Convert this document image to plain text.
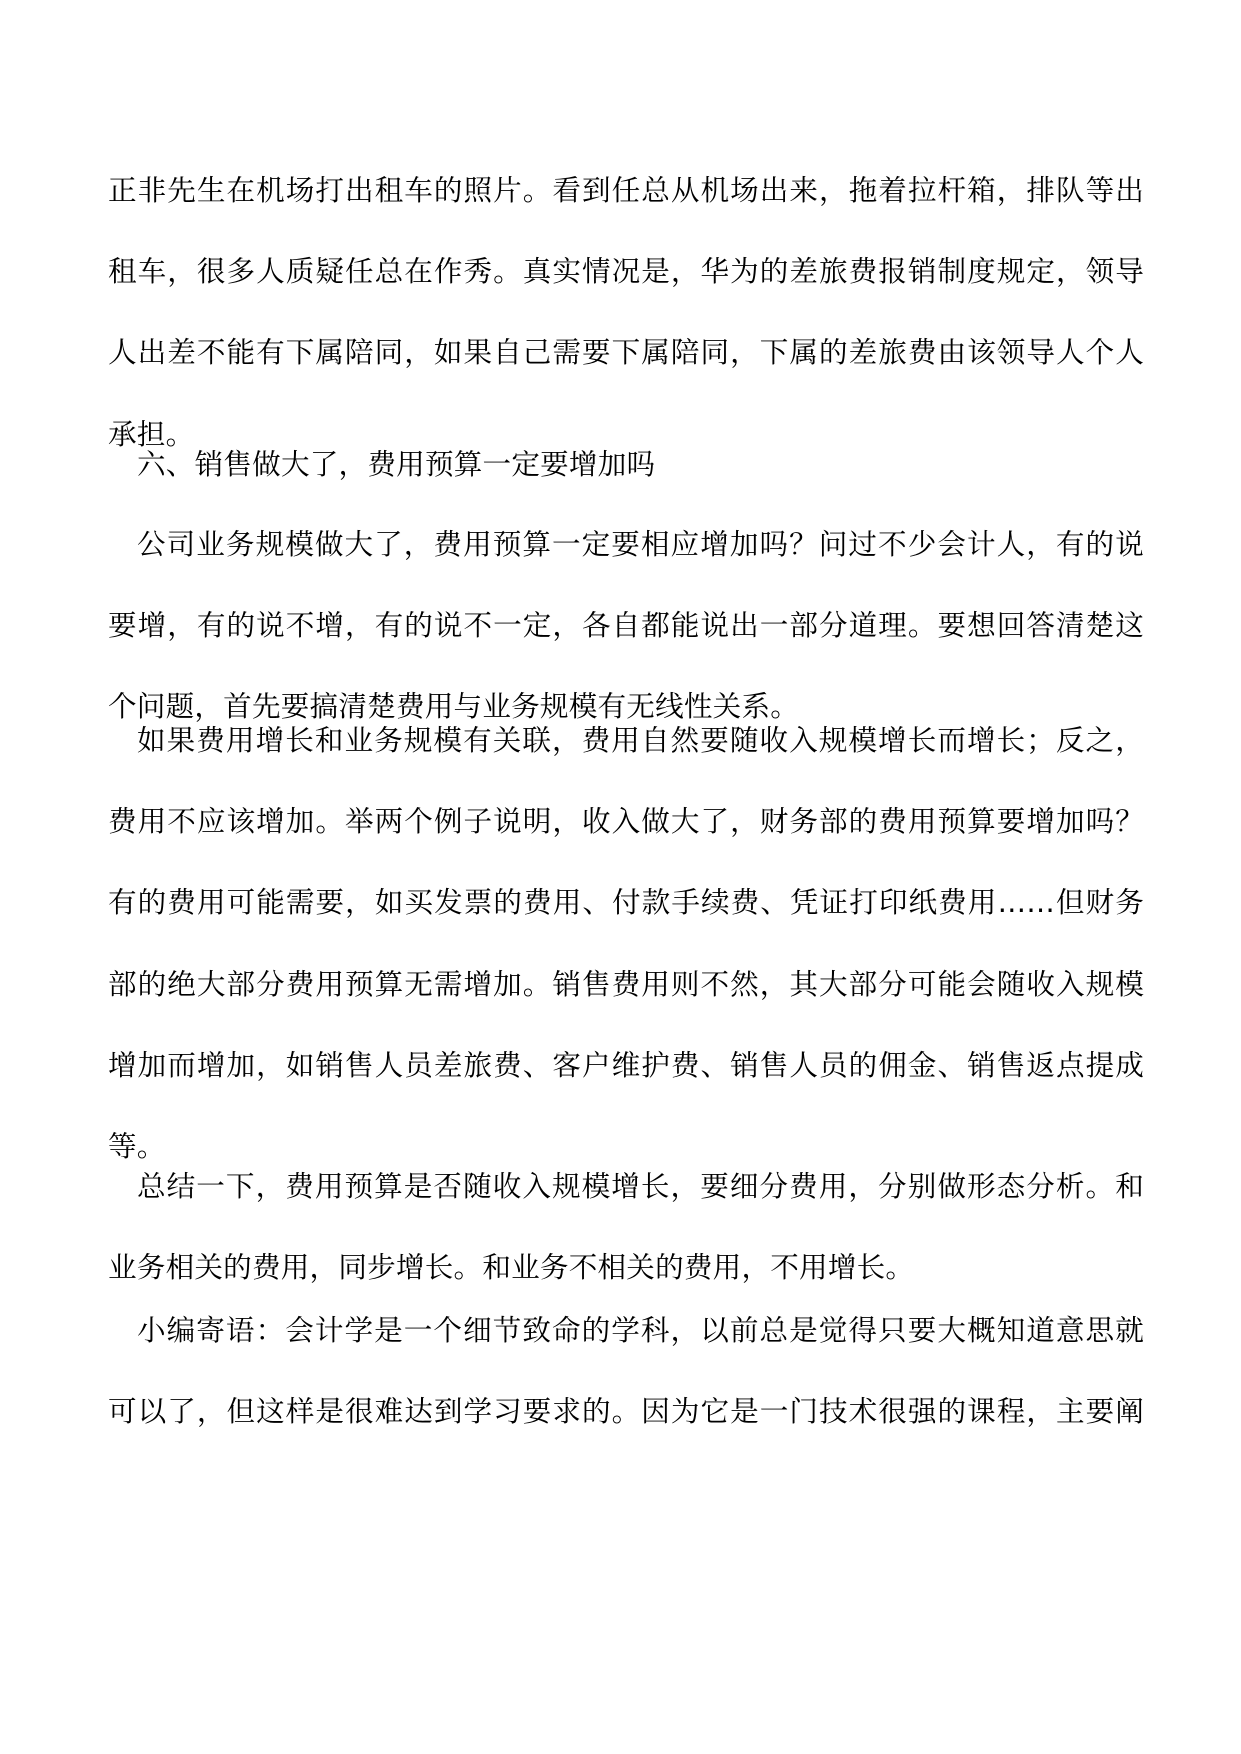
正非先生在机场打出租车的照片。看到任总从机场出来，拖着拉杆箱，排队等出
租车，很多人质疑任总在作秀。真实情况是，华为的差旅费报销制度规定，领导
人出差不能有下属陪同，如果自己需要下属陪同，下属的差旅费由该领导人个人
承担。
六、销售做大了，费用预算一定要增加吗
公司业务规模做大了，费用预算一定要相应增加吗？问过不少会计人，有的说
要增，有的说不增，有的说不一定，各自都能说出一部分道理。要想回答清楚这
个问题，首先要搞清楚费用与业务规模有无线性关系。
如果费用增长和业务规模有关联，费用自然要随收入规模增长而增长；反之，
费用不应该增加。举两个例子说明，收入做大了，财务部的费用预算要增加吗？
有的费用可能需要，如买发票的费用、付款手续费、凭证打印纸费用……但财务
部的绝大部分费用预算无需增加。销售费用则不然，其大部分可能会随收入规模
增加而增加，如销售人员差旅费、客户维护费、销售人员的佣金、销售返点提成
等。
总结一下，费用预算是否随收入规模增长，要细分费用，分别做形态分析。和
业务相关的费用，同步增长。和业务不相关的费用，不用增长。
小编寄语：会计学是一个细节致命的学科，以前总是觉得只要大概知道意思就
可以了，但这样是很难达到学习要求的。因为它是一门技术很强的课程，主要阐
